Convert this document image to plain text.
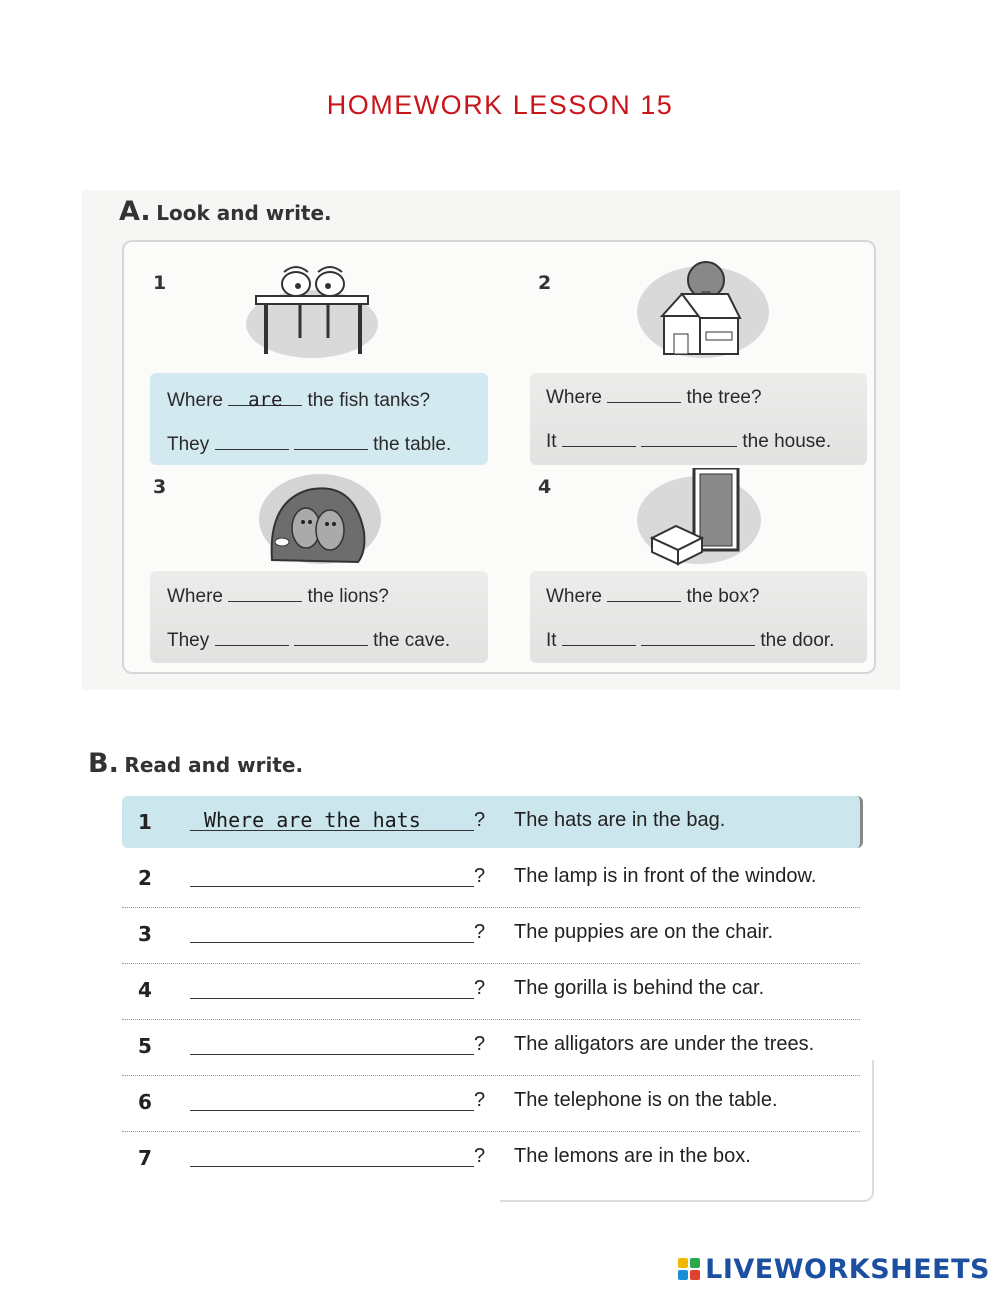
HOMEWORK LESSON 15
A. Look and write.
1
Where are the fish tanks?
They	the table.
2
Where	the tree?
It	the house.
3
Where	the lions?
They	the cave.
4
Where	the box?
It	the door.
B. Read and write.
1	Where are the hats	? The hats are in the bag.
2	? The lamp is in front of the window.
3	? The puppies are on the chair.
4	? The gorilla is behind the car.
5	? The alligators are under the trees.
6	? The telephone is on the table.
7	? The lemons are in the box.
LIVEWORKSHEETS
